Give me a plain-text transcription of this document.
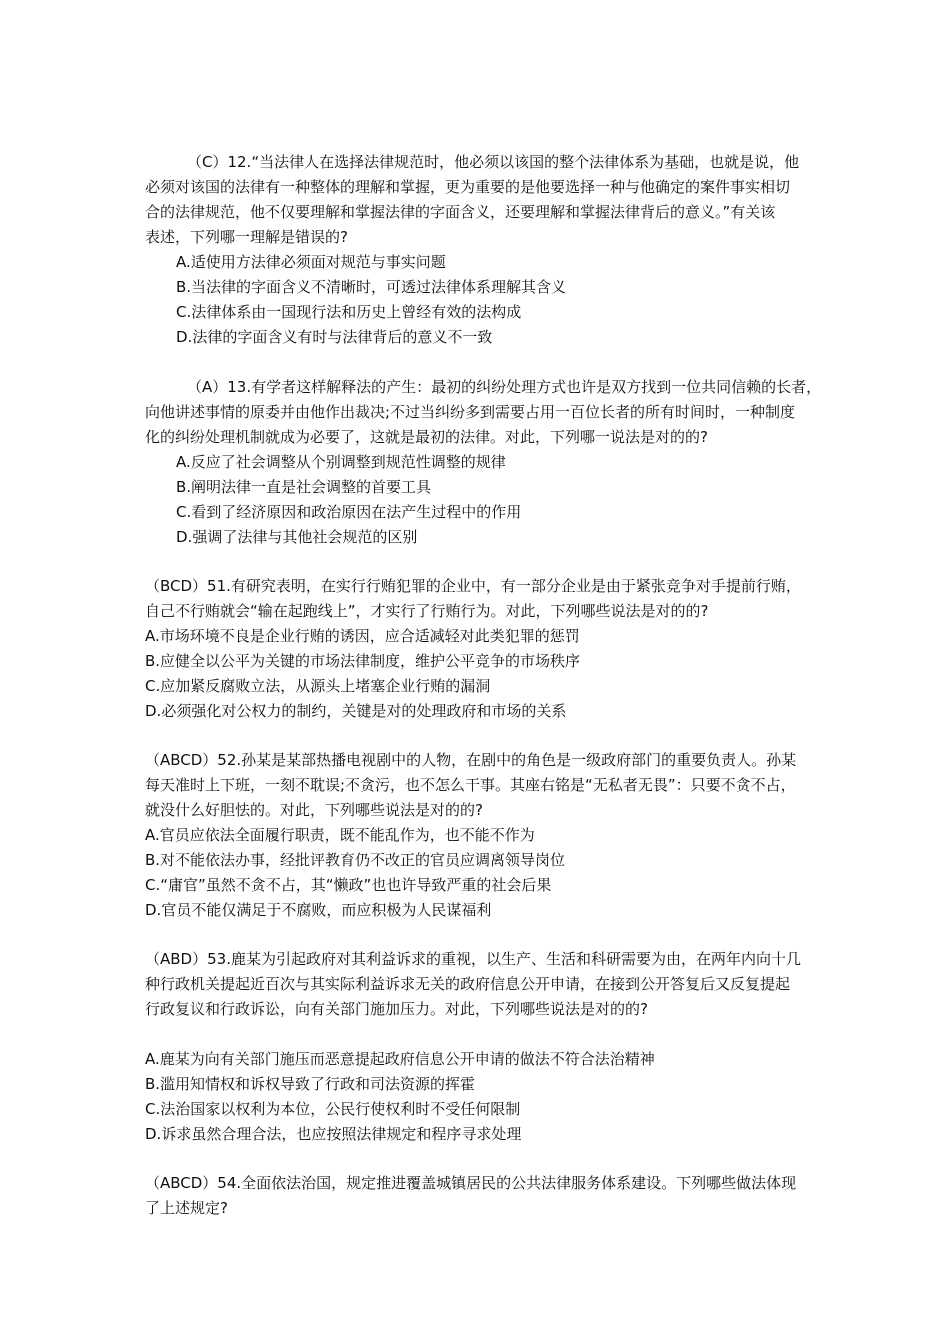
（C）12.“当法律人在选择法律规范时，他必须以该国的整个法律体系为基础，也就是说，他
必须对该国的法律有一种整体的理解和掌握，更为重要的是他要选择一种与他确定的案件事实相切
合的法律规范，他不仅要理解和掌握法律的字面含义，还要理解和掌握法律背后的意义。”有关该
表述，下列哪一理解是错误的?
A.适使用方法律必须面对规范与事实问题
B.当法律的字面含义不清晰时，可透过法律体系理解其含义
C.法律体系由一国现行法和历史上曾经有效的法构成
D.法律的字面含义有时与法律背后的意义不一致
（A）13.有学者这样解释法的产生：最初的纠纷处理方式也许是双方找到一位共同信赖的长者，
向他讲述事情的原委并由他作出裁决;不过当纠纷多到需要占用一百位长者的所有时间时，一种制度
化的纠纷处理机制就成为必要了，这就是最初的法律。对此，下列哪一说法是对的的?
A.反应了社会调整从个别调整到规范性调整的规律
B.阐明法律一直是社会调整的首要工具
C.看到了经济原因和政治原因在法产生过程中的作用
D.强调了法律与其他社会规范的区别
（BCD）51.有研究表明，在实行行贿犯罪的企业中，有一部分企业是由于紧张竞争对手提前行贿，
自己不行贿就会“输在起跑线上”，才实行了行贿行为。对此，下列哪些说法是对的的?
A.市场环境不良是企业行贿的诱因，应合适减轻对此类犯罪的惩罚
B.应健全以公平为关键的市场法律制度，维护公平竞争的市场秩序
C.应加紧反腐败立法，从源头上堵塞企业行贿的漏洞
D.必须强化对公权力的制约，关键是对的处理政府和市场的关系
（ABCD）52.孙某是某部热播电视剧中的人物，在剧中的角色是一级政府部门的重要负责人。孙某
每天准时上下班，一刻不耽误;不贪污，也不怎么干事。其座右铭是“无私者无畏”：只要不贪不占，
就没什么好胆怯的。对此，下列哪些说法是对的的?
A.官员应依法全面履行职责，既不能乱作为，也不能不作为
B.对不能依法办事，经批评教育仍不改正的官员应调离领导岗位
C.“庸官”虽然不贪不占，其“懒政”也也许导致严重的社会后果
D.官员不能仅满足于不腐败，而应积极为人民谋福利
（ABD）53.鹿某为引起政府对其利益诉求的重视，以生产、生活和科研需要为由，在两年内向十几
种行政机关提起近百次与其实际利益诉求无关的政府信息公开申请，在接到公开答复后又反复提起
行政复议和行政诉讼，向有关部门施加压力。对此，下列哪些说法是对的的?
A.鹿某为向有关部门施压而恶意提起政府信息公开申请的做法不符合法治精神
B.滥用知情权和诉权导致了行政和司法资源的挥霍
C.法治国家以权利为本位，公民行使权利时不受任何限制
D.诉求虽然合理合法，也应按照法律规定和程序寻求处理
（ABCD）54.全面依法治国，规定推进覆盖城镇居民的公共法律服务体系建设。下列哪些做法体现
了上述规定?
